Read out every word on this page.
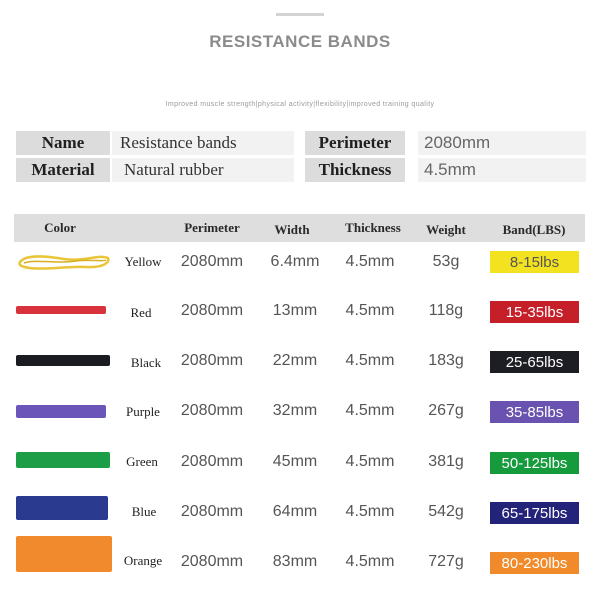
RESISTANCE BANDS
Improved muscle strength|physical activity|flexibility|improved training quality
Name	Resistance bands
Material	Natural rubber
Perimeter	2080mm
Thickness	4.5mm
Color	Perimeter	Width	Thickness	Weight	Band(LBS)
Yellow	2080mm	6.4mm	4.5mm	53g	8-15lbs
Red	2080mm	13mm	4.5mm	118g	15-35lbs
Black	2080mm	22mm	4.5mm	183g	25-65lbs
Purple	2080mm	32mm	4.5mm	267g	35-85lbs
Green	2080mm	45mm	4.5mm	381g	50-125lbs
Blue	2080mm	64mm	4.5mm	542g	65-175lbs
Orange	2080mm	83mm	4.5mm	727g	80-230lbs
